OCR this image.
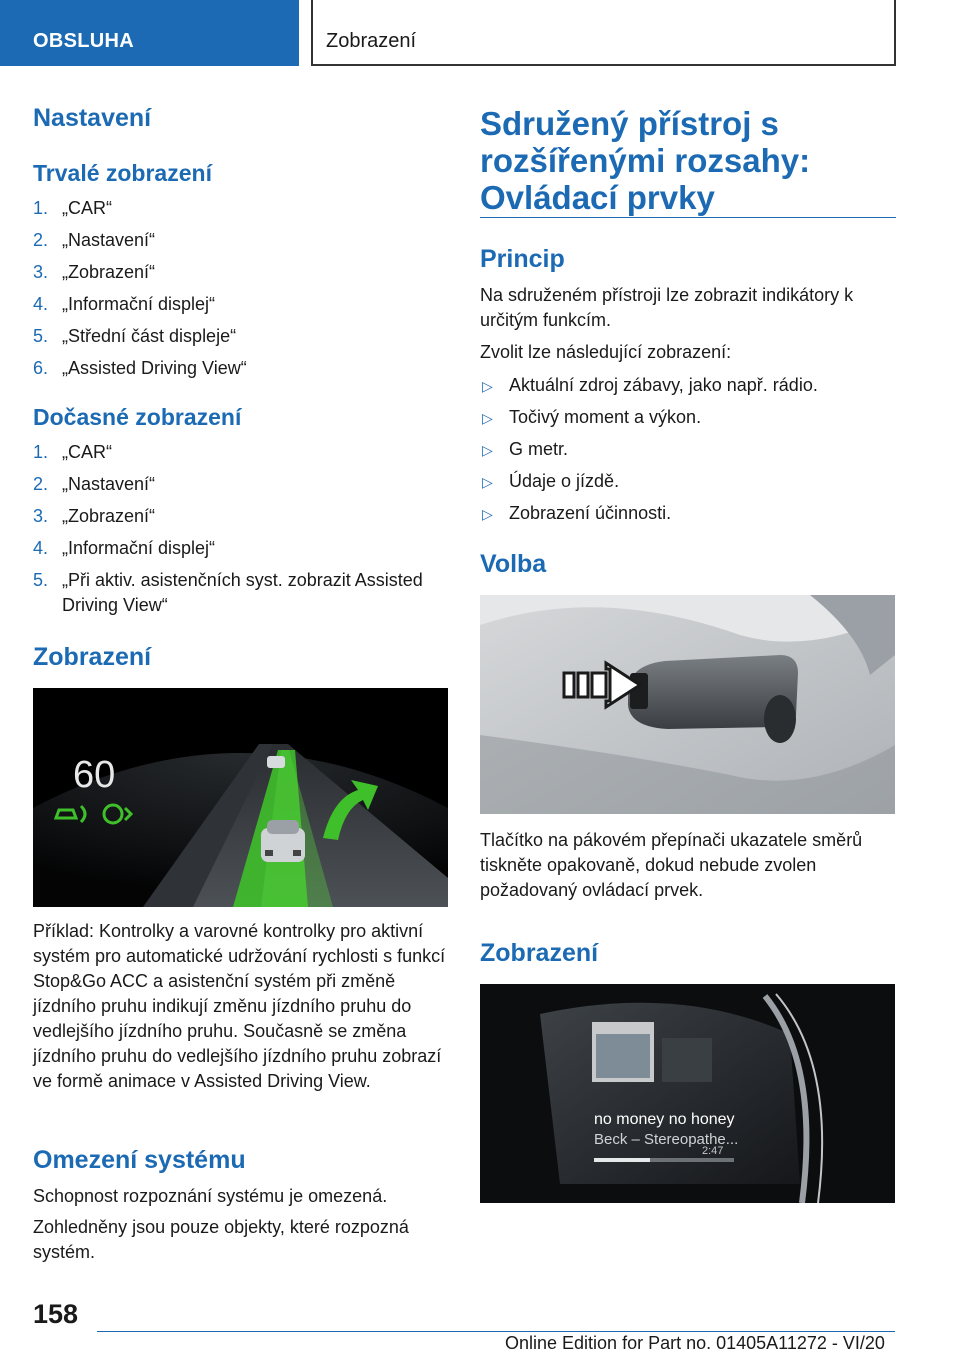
OBSLUHA	Zobrazení
Nastavení
Trvalé zobrazení
1. „CAR“
2. „Nastavení“
3. „Zobrazení“
4. „Informační displej“
5. „Střední část displeje“
6. „Assisted Driving View“
Dočasné zobrazení
1. „CAR“
2. „Nastavení“
3. „Zobrazení“
4. „Informační displej“
5. „Při aktiv. asistenčních syst. zobrazit Assisted Driving View“
Zobrazení
60
Příklad: Kontrolky a varovné kontrolky pro aktivní systém pro automatické udržování rychlosti s funkcí Stop&Go ACC a asistenční systém při změně jízdního pruhu indikují změnu jízdního pruhu do vedlejšího jízdního pruhu. Současně se změna jízdního pruhu do vedlejšího jízdního pruhu zobrazí ve formě animace v Assisted Driving View.
Omezení systému
Schopnost rozpoznání systému je omezená.
Zohledněny jsou pouze objekty, které rozpozná systém.
Sdružený přístroj s rozšířenými rozsahy: Ovládací prvky
Princip
Na sdruženém přístroji lze zobrazit indikátory k určitým funkcím.
Zvolit lze následující zobrazení:
▷ Aktuální zdroj zábavy, jako např. rádio.
▷ Točivý moment a výkon.
▷ G metr.
▷ Údaje o jízdě.
▷ Zobrazení účinnosti.
Volba
Tlačítko na pákovém přepínači ukazatele směrů tiskněte opakovaně, dokud nebude zvolen požadovaný ovládací prvek.
Zobrazení
no money no honey
Beck – Stereopathe...
2:47
158
Online Edition for Part no. 01405A11272 - VI/20
